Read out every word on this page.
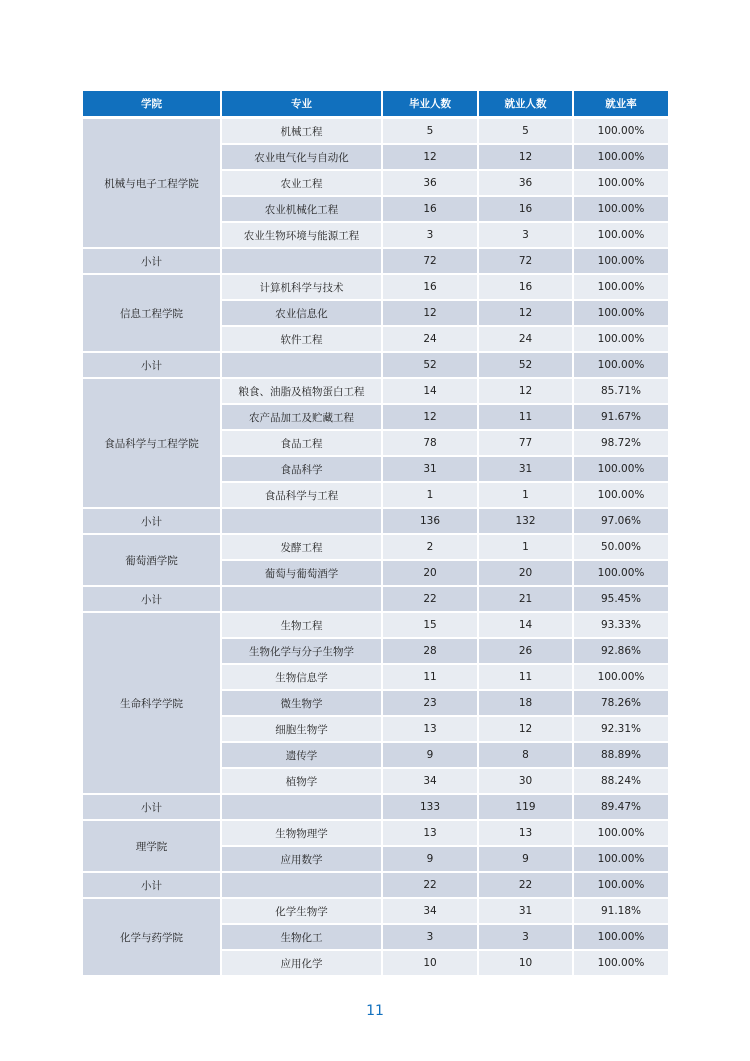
学院	专业	毕业人数	就业人数	就业率
机械与电子工程学院	机械工程	5	5	100.00%
	农业电气化与自动化	12	12	100.00%
	农业工程	36	36	100.00%
	农业机械化工程	16	16	100.00%
	农业生物环境与能源工程	3	3	100.00%
小计		72	72	100.00%
信息工程学院	计算机科学与技术	16	16	100.00%
	农业信息化	12	12	100.00%
	软件工程	24	24	100.00%
小计		52	52	100.00%
食品科学与工程学院	粮食、油脂及植物蛋白工程	14	12	85.71%
	农产品加工及贮藏工程	12	11	91.67%
	食品工程	78	77	98.72%
	食品科学	31	31	100.00%
	食品科学与工程	1	1	100.00%
小计		136	132	97.06%
葡萄酒学院	发酵工程	2	1	50.00%
	葡萄与葡萄酒学	20	20	100.00%
小计		22	21	95.45%
生命科学学院	生物工程	15	14	93.33%
	生物化学与分子生物学	28	26	92.86%
	生物信息学	11	11	100.00%
	微生物学	23	18	78.26%
	细胞生物学	13	12	92.31%
	遗传学	9	8	88.89%
	植物学	34	30	88.24%
小计		133	119	89.47%
理学院	生物物理学	13	13	100.00%
	应用数学	9	9	100.00%
小计		22	22	100.00%
化学与药学院	化学生物学	34	31	91.18%
	生物化工	3	3	100.00%
	应用化学	10	10	100.00%
11
